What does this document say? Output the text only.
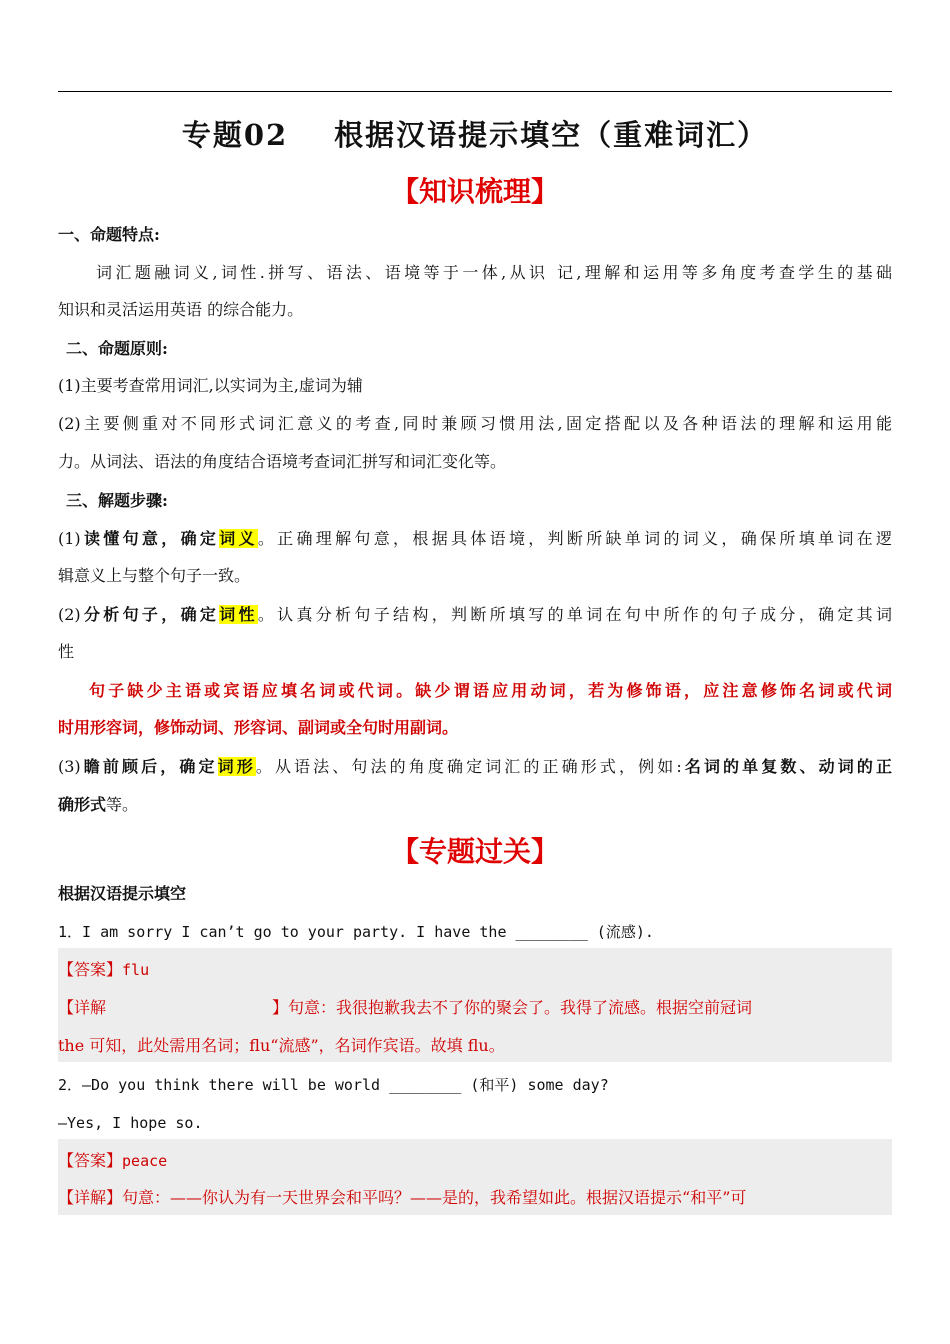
专题02 根据汉语提示填空（重难词汇）
【知识梳理】
一、命题特点:
词汇题融词义,词性.拼写、语法、语境等于一体,从识 记,理解和运用等多角度考查学生的基础
知识和灵活运用英语 的综合能力。
二、命题原则:
(1)主要考查常用词汇,以实词为主,虚词为辅
(2)主要侧重对不同形式词汇意义的考查,同时兼顾习惯用法,固定搭配以及各种语法的理解和运用能
力。从词法、语法的角度结合语境考查词汇拼写和词汇变化等。
三、解题步骤:
(1)读懂句意，确定词义。正确理解句意，根据具体语境，判断所缺单词的词义，确保所填单词在逻
辑意义上与整个句子一致。
(2)分析句子，确定词性。认真分析句子结构，判断所填写的单词在句中所作的句子成分，确定其词
性
句子缺少主语或宾语应填名词或代词。缺少谓语应用动词，若为修饰语，应注意修饰名词或代词
时用形容词，修饰动词、形容词、副词或全句时用副词。
(3)瞻前顾后，确定词形。从语法、句法的角度确定词汇的正确形式，例如:名词的单复数、动词的正
确形式等。
【专题过关】
根据汉语提示填空
1．I am sorry I can’t go to your party. I have the ________ (流感).
【答案】flu
【详解	】句意：我很抱歉我去不了你的聚会了。我得了流感。根据空前冠词
the 可知，此处需用名词；flu“流感”，名词作宾语。故填 flu。
2．—Do you think there will be world ________ (和平) some day?
—Yes, I hope so.
【答案】peace
【详解】句意：——你认为有一天世界会和平吗？——是的，我希望如此。根据汉语提示“和平”可
